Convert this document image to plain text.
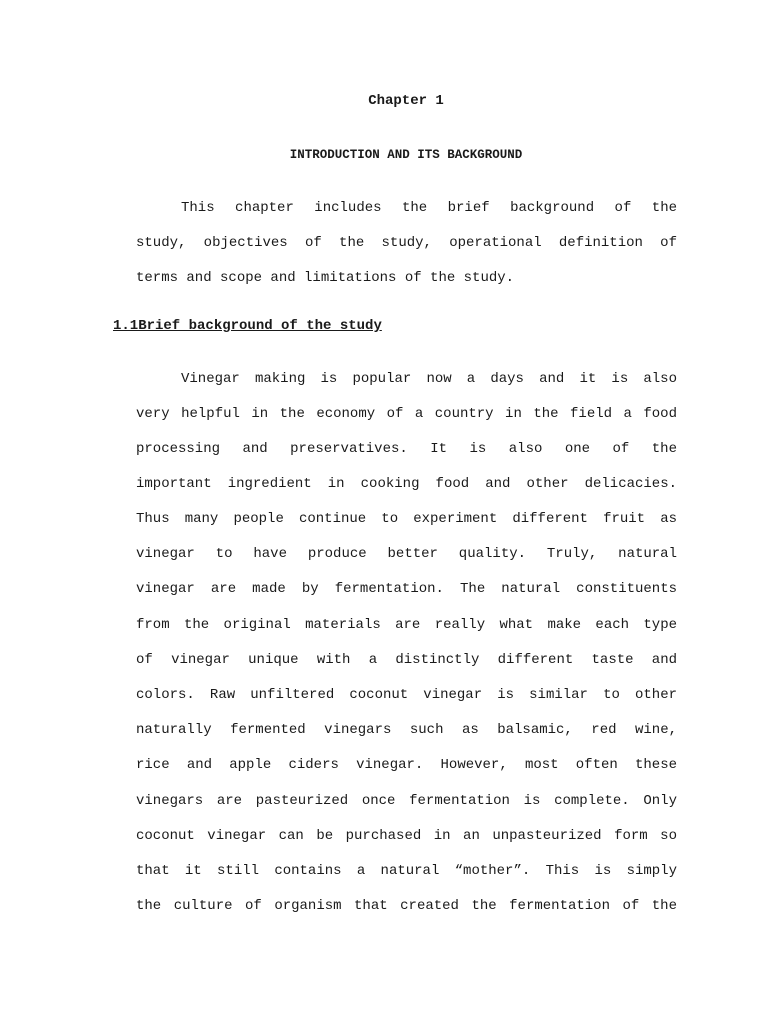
Chapter 1
INTRODUCTION AND ITS BACKGROUND
This chapter includes the brief background of the
study, objectives of the study, operational definition of
terms and scope and limitations of the study.
1.1Brief background of the study
Vinegar making is popular now a days and it is also
very helpful in the economy of a country in the field a food
processing and preservatives. It is also one of the
important ingredient in cooking food and other delicacies.
Thus many people continue to experiment different fruit as
vinegar to have produce better quality. Truly, natural
vinegar are made by fermentation. The natural constituents
from the original materials are really what make each type
of vinegar unique with a distinctly different taste and
colors. Raw unfiltered coconut vinegar is similar to other
naturally fermented vinegars such as balsamic, red wine,
rice and apple ciders vinegar. However, most often these
vinegars are pasteurized once fermentation is complete. Only
coconut vinegar can be purchased in an unpasteurized form so
that it still contains a natural “mother”. This is simply
the culture of organism that created the fermentation of the
